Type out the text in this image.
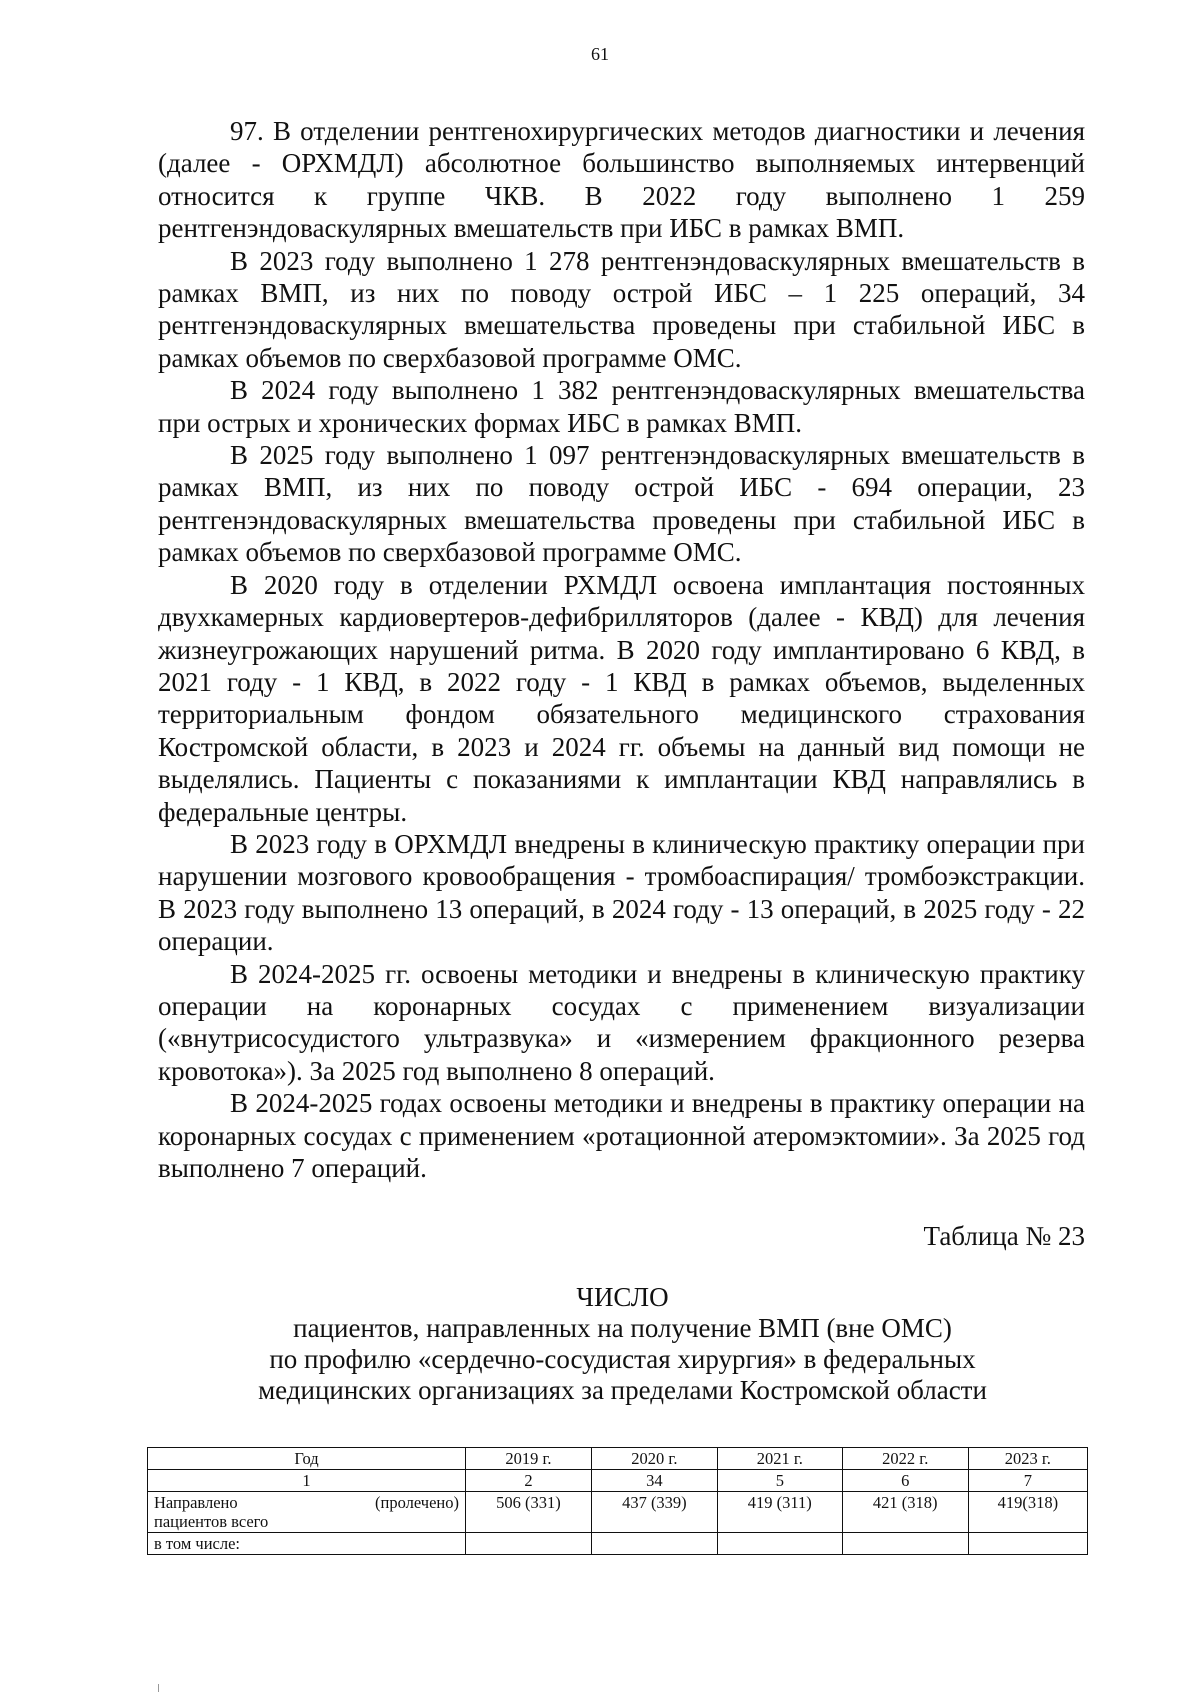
61

97. В отделении рентгенохирургических методов диагностики и лечения (далее - ОРХМДЛ) абсолютное большинство выполняемых интервенций относится к группе ЧКВ. В 2022 году выполнено 1 259 рентгенэндоваскулярных вмешательств при ИБС в рамках ВМП.

В 2023 году выполнено 1 278 рентгенэндоваскулярных вмешательств в рамках ВМП, из них по поводу острой ИБС – 1 225 операций, 34 рентгенэндоваскулярных вмешательства проведены при стабильной ИБС в рамках объемов по сверхбазовой программе ОМС.

В 2024 году выполнено 1 382 рентгенэндоваскулярных вмешательства при острых и хронических формах ИБС в рамках ВМП.

В 2025 году выполнено 1 097 рентгенэндоваскулярных вмешательств в рамках ВМП, из них по поводу острой ИБС - 694 операции, 23 рентгенэндоваскулярных вмешательства проведены при стабильной ИБС в рамках объемов по сверхбазовой программе ОМС.

В 2020 году в отделении РХМДЛ освоена имплантация постоянных двухкамерных кардиовертеров-дефибрилляторов (далее - КВД) для лечения жизнеугрожающих нарушений ритма. В 2020 году имплантировано 6 КВД, в 2021 году - 1 КВД, в 2022 году - 1 КВД в рамках объемов, выделенных территориальным фондом обязательного медицинского страхования Костромской области, в 2023 и 2024 гг. объемы на данный вид помощи не выделялись. Пациенты с показаниями к имплантации КВД направлялись в федеральные центры.

В 2023 году в ОРХМДЛ внедрены в клиническую практику операции при нарушении мозгового кровообращения - тромбоаспирация/ тромбоэкстракции. В 2023 году выполнено 13 операций, в 2024 году - 13 операций, в 2025 году - 22 операции.

В 2024-2025 гг. освоены методики и внедрены в клиническую практику операции на коронарных сосудах с применением визуализации («внутрисосудистого ультразвука» и «измерением фракционного резерва кровотока»). За 2025 год выполнено 8 операций.

В 2024-2025 годах освоены методики и внедрены в практику операции на коронарных сосудах с применением «ротационной атеромэктомии». За 2025 год выполнено 7 операций.

Таблица № 23
ЧИСЛО
пациентов, направленных на получение ВМП (вне ОМС)
по профилю «сердечно-сосудистая хирургия» в федеральных
медицинских организациях за пределами Костромской области
Год	2019 г.	2020 г.	2021 г.	2022 г.	2023 г.
1	2	34	5	6	7

Направлено (пролечено)
пациентов всего	506 (331)	437 (339)	419 (311)	421 (318)	419(318)

в том числе:					
